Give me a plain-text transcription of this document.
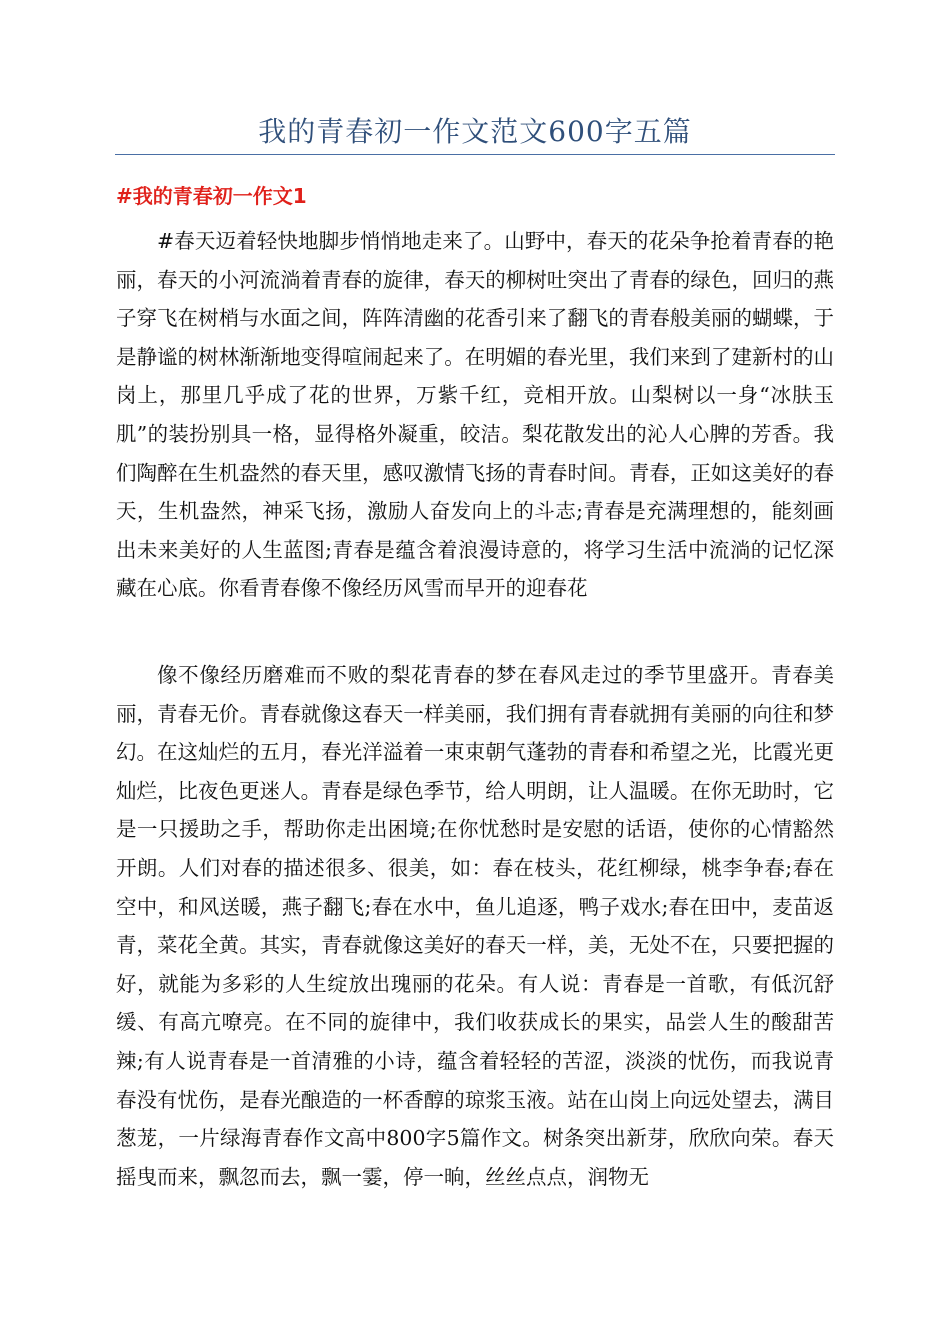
我的青春初一作文范文600字五篇
#我的青春初一作文1

#春天迈着轻快地脚步悄悄地走来了。山野中，春天的花朵争抢着青春的艳丽，春天的小河流淌着青春的旋律，春天的柳树吐突出了青春的绿色，回归的燕子穿飞在树梢与水面之间，阵阵清幽的花香引来了翻飞的青春般美丽的蝴蝶，于是静谧的树林渐渐地变得喧闹起来了。在明媚的春光里，我们来到了建新村的山岗上，那里几乎成了花的世界，万紫千红，竞相开放。山梨树以一身“冰肤玉肌”的装扮别具一格，显得格外凝重，皎洁。梨花散发出的沁人心脾的芳香。我们陶醉在生机盎然的春天里，感叹激情飞扬的青春时间。青春，正如这美好的春天，生机盎然，神采飞扬，激励人奋发向上的斗志;青春是充满理想的，能刻画出未来美好的人生蓝图;青春是蕴含着浪漫诗意的，将学习生活中流淌的记忆深藏在心底。你看青春像不像经历风雪而早开的迎春花

像不像经历磨难而不败的梨花青春的梦在春风走过的季节里盛开。青春美丽，青春无价。青春就像这春天一样美丽，我们拥有青春就拥有美丽的向往和梦幻。在这灿烂的五月，春光洋溢着一束束朝气蓬勃的青春和希望之光，比霞光更灿烂，比夜色更迷人。青春是绿色季节，给人明朗，让人温暖。在你无助时，它是一只援助之手，帮助你走出困境;在你忧愁时是安慰的话语，使你的心情豁然开朗。人们对春的描述很多、很美，如：春在枝头，花红柳绿，桃李争春;春在空中，和风送暖，燕子翻飞;春在水中，鱼儿追逐，鸭子戏水;春在田中，麦苗返青，菜花全黄。其实，青春就像这美好的春天一样，美，无处不在，只要把握的好，就能为多彩的人生绽放出瑰丽的花朵。有人说：青春是一首歌，有低沉舒缓、有高亢嘹亮。在不同的旋律中，我们收获成长的果实，品尝人生的酸甜苦辣;有人说青春是一首清雅的小诗，蕴含着轻轻的苦涩，淡淡的忧伤，而我说青春没有忧伤，是春光酿造的一杯香醇的琼浆玉液。站在山岗上向远处望去，满目葱茏，一片绿海青春作文高中800字5篇作文。树条突出新芽，欣欣向荣。春天摇曳而来，飘忽而去，飘一霎，停一晌，丝丝点点，润物无
